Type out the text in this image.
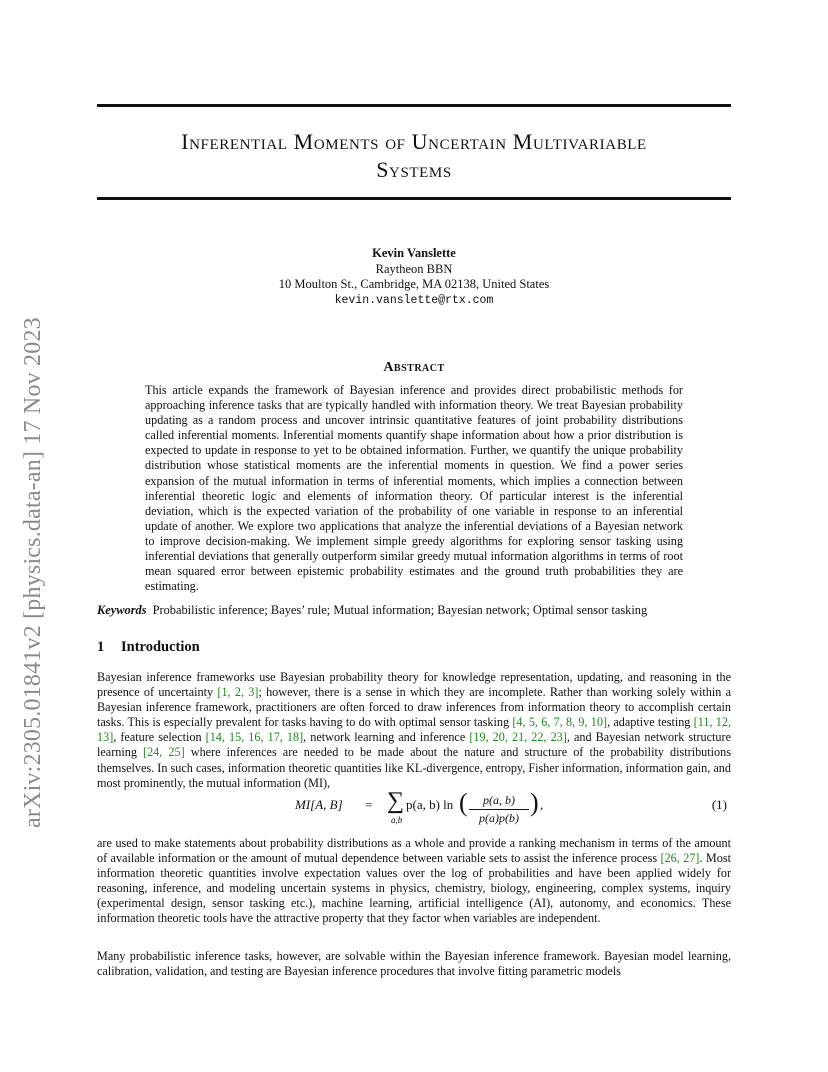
arXiv:2305.01841v2 [physics.data-an] 17 Nov 2023
Inferential Moments of Uncertain Multivariable
Systems
Kevin Vanslette
Raytheon BBN
10 Moulton St., Cambridge, MA 02138, United States
kevin.vanslette@rtx.com
Abstract
This article expands the framework of Bayesian inference and provides direct probabilistic methods for approaching inference tasks that are typically handled with information theory. We treat Bayesian probability updating as a random process and uncover intrinsic quantitative features of joint probability distributions called inferential moments. Inferential moments quantify shape information about how a prior distribution is expected to update in response to yet to be obtained information. Further, we quantify the unique probability distribution whose statistical moments are the inferential moments in question. We find a power series expansion of the mutual information in terms of inferential moments, which implies a connection between inferential theoretic logic and elements of information theory. Of particular interest is the inferential deviation, which is the expected variation of the probability of one variable in response to an inferential update of another. We explore two applications that analyze the inferential deviations of a Bayesian network to improve decision-making. We implement simple greedy algorithms for exploring sensor tasking using inferential deviations that generally outperform similar greedy mutual information algorithms in terms of root mean squared error between epistemic probability estimates and the ground truth probabilities they are estimating.
Keywords Probabilistic inference; Bayes’ rule; Mutual information; Bayesian network; Optimal sensor tasking
1 Introduction

Bayesian inference frameworks use Bayesian probability theory for knowledge representation, updating, and reasoning in the presence of uncertainty [1, 2, 3]; however, there is a sense in which they are incomplete. Rather than working solely within a Bayesian inference framework, practitioners are often forced to draw inferences from information theory to accomplish certain tasks. This is especially prevalent for tasks having to do with optimal sensor tasking [4, 5, 6, 7, 8, 9, 10], adaptive testing [11, 12, 13], feature selection [14, 15, 16, 17, 18], network learning and inference [19, 20, 21, 22, 23], and Bayesian network structure learning [24, 25] where inferences are needed to be made about the nature and structure of the probability distributions themselves. In such cases, information theoretic quantities like KL-divergence, entropy, Fisher information, information gain, and most prominently, the mutual information (MI),

MI[A, B] = ∑
a,b
p(a, b) ln (	p(a, b)
p(a)p(b)
) ,	(1)

are used to make statements about probability distributions as a whole and provide a ranking mechanism in terms of the amount of available information or the amount of mutual dependence between variable sets to assist the inference process [26, 27]. Most information theoretic quantities involve expectation values over the log of probabilities and have been applied widely for reasoning, inference, and modeling uncertain systems in physics, chemistry, biology, engineering, complex systems, inquiry (experimental design, sensor tasking etc.), machine learning, artificial intelligence (AI), autonomy, and economics. These information theoretic tools have the attractive property that they factor when variables are independent.

Many probabilistic inference tasks, however, are solvable within the Bayesian inference framework. Bayesian model learning, calibration, validation, and testing are Bayesian inference procedures that involve fitting parametric models
